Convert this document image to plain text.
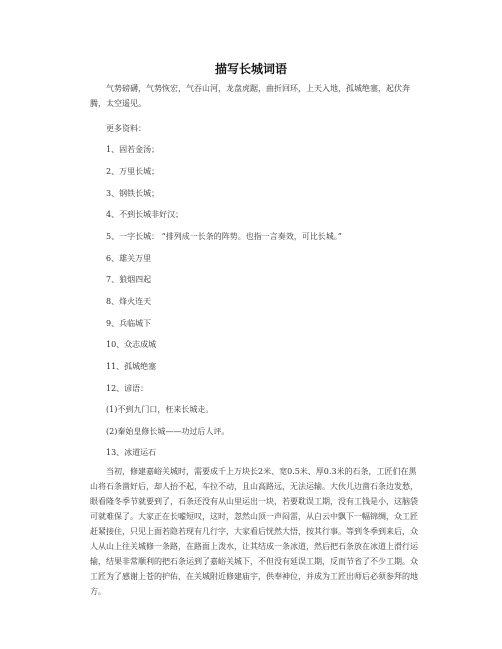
描写长城词语
气势磅礴，气势恢宏，气吞山河，龙盘虎踞，曲折回环，上天入地，孤城绝塞，起伏奔腾，太空遥见。
更多资料：
1、固若金汤；
2、万里长城；
3、钢铁长城；
4、不到长城非好汉；
5、一字长城： “排列成一长条的阵势。也指一言奏效，可比长城。”
6、雄关万里
7、狼烟四起
8、烽火连天
9、兵临城下
10、众志成城
11、孤城绝塞
12、谚语：
(1)不到九门口，枉来长城走。
(2)秦始皇修长城——功过后人评。
13、冰道运石
当初，修建嘉峪关城时，需要成千上万块长2米、宽0.5米、厚0.3米的石条，工匠们在黑山将石条凿好后，却人抬不起，车拉不动，且山高路远，无法运输。大伙儿边凿石条边发愁，眼看隆冬季节就要到了，石条还没有从山里运出一块，若要耽误工期，没有工钱是小，这脑袋可就难保了。大家正在长嘘短叹，这时，忽然山顶一声闷雷，从白云中飘下一幅锦绸，众工匠赶紧接住，只见上面若隐若现有几行字，大家看后恍然大悟，按其行事。等到冬季到来后，众人从山上往关城修一条路，在路面上泼水，让其结成一条冰道，然后把石条放在冰道上滑行运输，结果非常顺利的把石条运到了嘉峪关城下，不但没有延误工期，反而节省了不少工期。众工匠为了感谢上苍的护佑，在关城附近修建庙宇，供奉神位，并成为工匠出师后必须参拜的地方。
